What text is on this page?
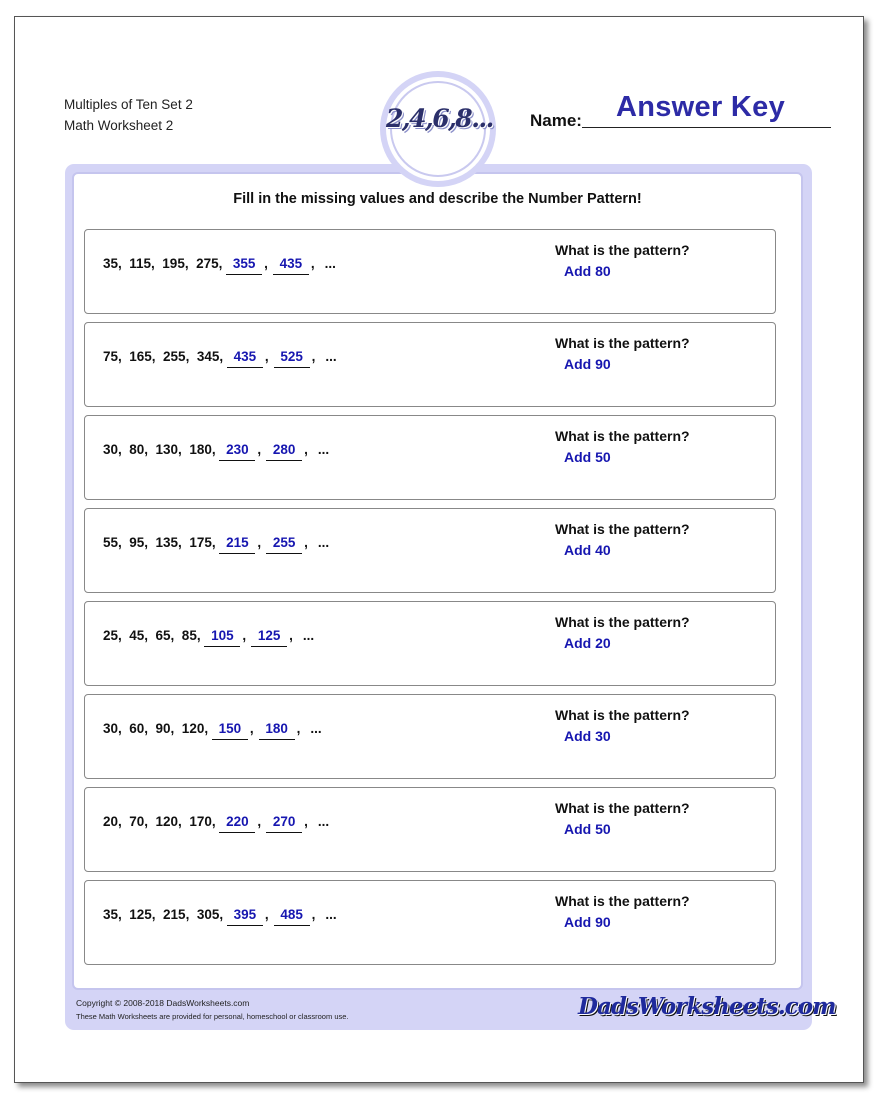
Multiples of Ten Set 2
Math Worksheet 2	Name: Answer Key
2,4,6,8...
Fill in the missing values and describe the Number Pattern!
35,  115,  195,  275, 355 , 435 , ...
What is the pattern?
Add 80
75,  165,  255,  345, 435 , 525 , ...
What is the pattern?
Add 90
30,  80,  130,  180, 230 , 280 , ...
What is the pattern?
Add 50
55,  95,  135,  175, 215 , 255 , ...
What is the pattern?
Add 40
25,  45,  65,  85, 105 , 125 , ...
What is the pattern?
Add 20
30,  60,  90,  120, 150 , 180 , ...
What is the pattern?
Add 30
20,  70,  120,  170, 220 , 270 , ...
What is the pattern?
Add 50
35,  125,  215,  305, 395 , 485 , ...
What is the pattern?
Add 90
Copyright © 2008-2018 DadsWorksheets.com
These Math Worksheets are provided for personal, homeschool or classroom use.	DadsWorksheets.com
